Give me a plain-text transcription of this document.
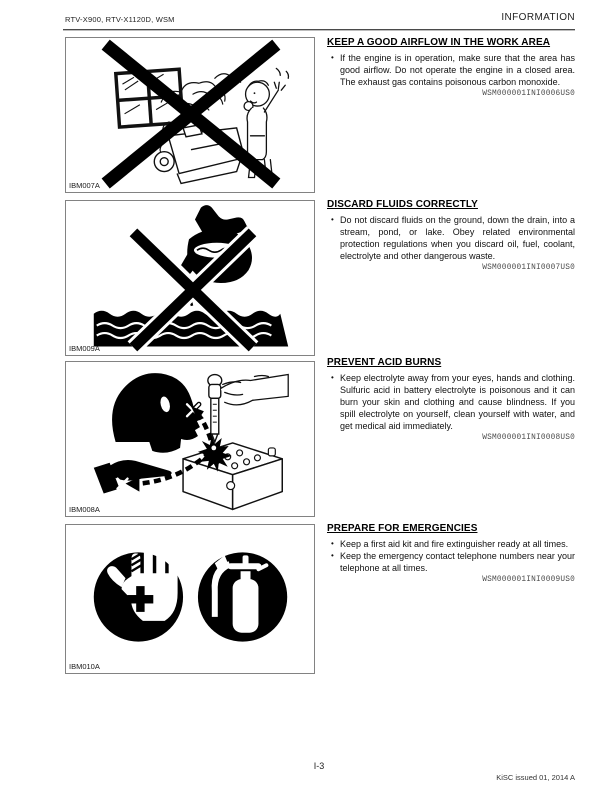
RTV-X900, RTV-X1120D, WSM	INFORMATION
IBM007A
IBM009A
IBM008A
IBM010A
KEEP A GOOD AIRFLOW IN THE WORK AREA
• If the engine is in operation, make sure that the area has good airflow. Do not operate the engine in a closed area. The exhaust gas contains poisonous carbon monoxide.
WSM000001INI0006US0
DISCARD FLUIDS CORRECTLY
• Do not discard fluids on the ground, down the drain, into a stream, pond, or lake. Obey related environmental protection regulations when you discard oil, fuel, coolant, electrolyte and other dangerous waste.
WSM000001INI0007US0
PREVENT ACID BURNS
• Keep electrolyte away from your eyes, hands and clothing. Sulfuric acid in battery electrolyte is poisonous and it can burn your skin and clothing and cause blindness. If you spill electrolyte on yourself, clean yourself with water, and get medical aid immediately.
WSM000001INI0008US0
PREPARE FOR EMERGENCIES
• Keep a first aid kit and fire extinguisher ready at all times.
• Keep the emergency contact telephone numbers near your telephone at all times.
WSM000001INI0009US0
I-3
KiSC issued 01, 2014 A
